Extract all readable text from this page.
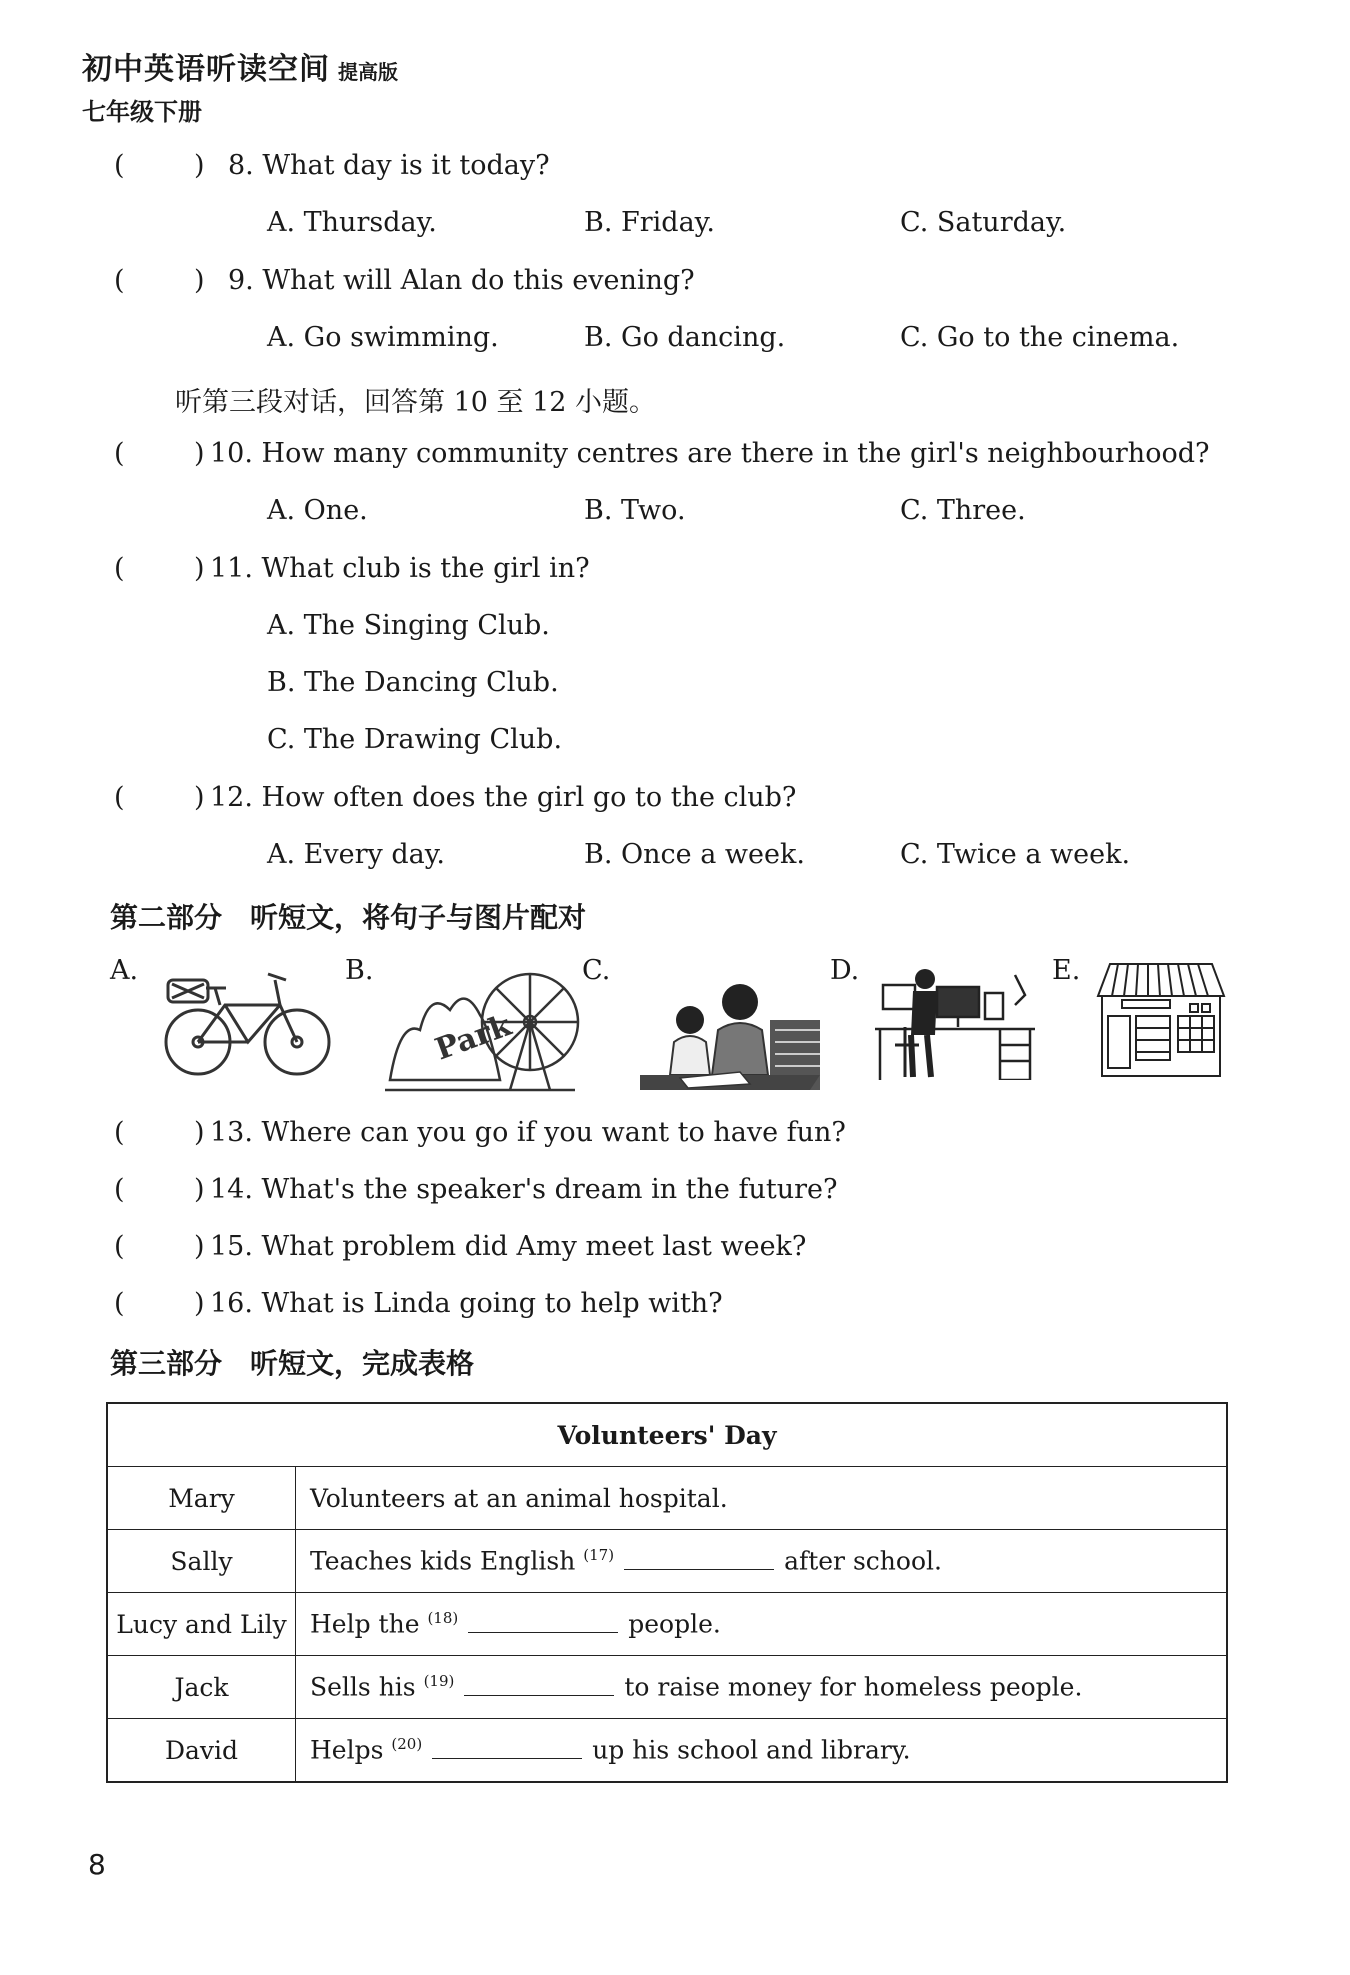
初中英语听读空间 提高版
七年级下册
(	) 8. What day is it today?
A. Thursday.	B. Friday.	C. Saturday.
(	) 9. What will Alan do this evening?
A. Go swimming.	B. Go dancing.	C. Go to the cinema.
听第三段对话，回答第 10 至 12 小题。
(	) 10. How many community centres are there in the girl's neighbourhood?
A. One.	B. Two.	C. Three.
(	) 11. What club is the girl in?
A. The Singing Club.
B. The Dancing Club.
C. The Drawing Club.
(	) 12. How often does the girl go to the club?
A. Every day.	B. Once a week.	C. Twice a week.
第二部分　听短文，将句子与图片配对
A.	B.
Park
C.	D.	E.
(	) 13. Where can you go if you want to have fun?
(	) 14. What's the speaker's dream in the future?
(	) 15. What problem did Amy meet last week?
(	) 16. What is Linda going to help with?
第三部分　听短文，完成表格
Volunteers' Day	
Mary	Volunteers at an animal hospital.
Sally	Teaches kids English $^{(17)}$ after school.
Lucy and Lily	Help the $^{(18)}$ people.
Jack	Sells his $^{(19)}$ to raise money for homeless people.
David	Helps $^{(20)}$ up his school and library.
8
